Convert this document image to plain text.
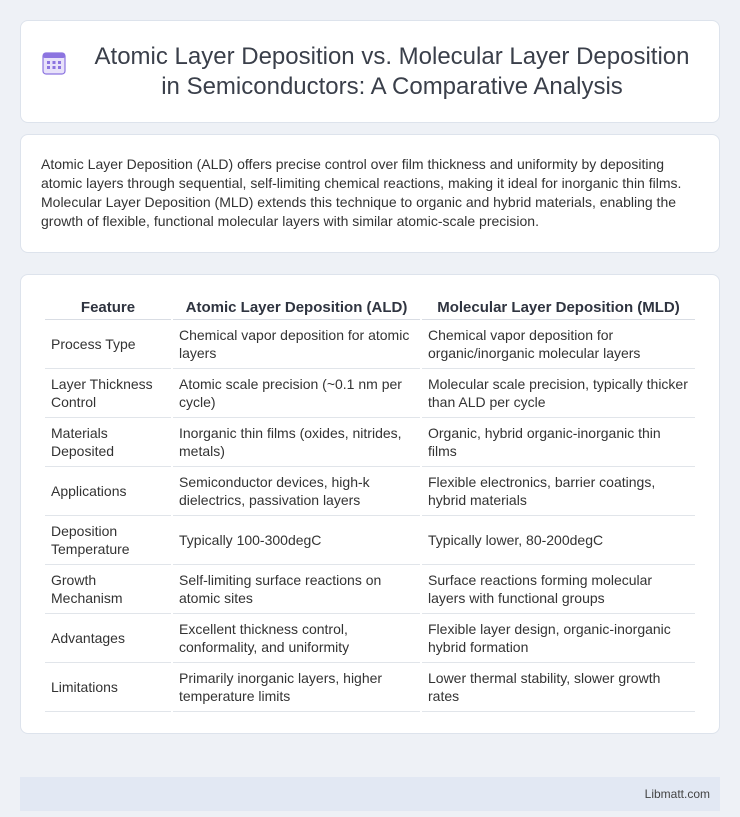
Atomic Layer Deposition vs. Molecular Layer Deposition in Semiconductors: A Comparative Analysis

Atomic Layer Deposition (ALD) offers precise control over film thickness and uniformity by depositing atomic layers through sequential, self-limiting chemical reactions, making it ideal for inorganic thin films. Molecular Layer Deposition (MLD) extends this technique to organic and hybrid materials, enabling the growth of flexible, functional molecular layers with similar atomic-scale precision.

Feature	Atomic Layer Deposition (ALD)	Molecular Layer Deposition (MLD)
Process Type	Chemical vapor deposition for atomic layers	Chemical vapor deposition for organic/inorganic molecular layers
Layer Thickness Control	Atomic scale precision (~0.1 nm per cycle)	Molecular scale precision, typically thicker than ALD per cycle
Materials Deposited	Inorganic thin films (oxides, nitrides, metals)	Organic, hybrid organic-inorganic thin films
Applications	Semiconductor devices, high-k dielectrics, passivation layers	Flexible electronics, barrier coatings, hybrid materials
Deposition Temperature	Typically 100-300degC	Typically lower, 80-200degC
Growth Mechanism	Self-limiting surface reactions on atomic sites	Surface reactions forming molecular layers with functional groups
Advantages	Excellent thickness control, conformality, and uniformity	Flexible layer design, organic-inorganic hybrid formation
Limitations	Primarily inorganic layers, higher temperature limits	Lower thermal stability, slower growth rates
Libmatt.com
